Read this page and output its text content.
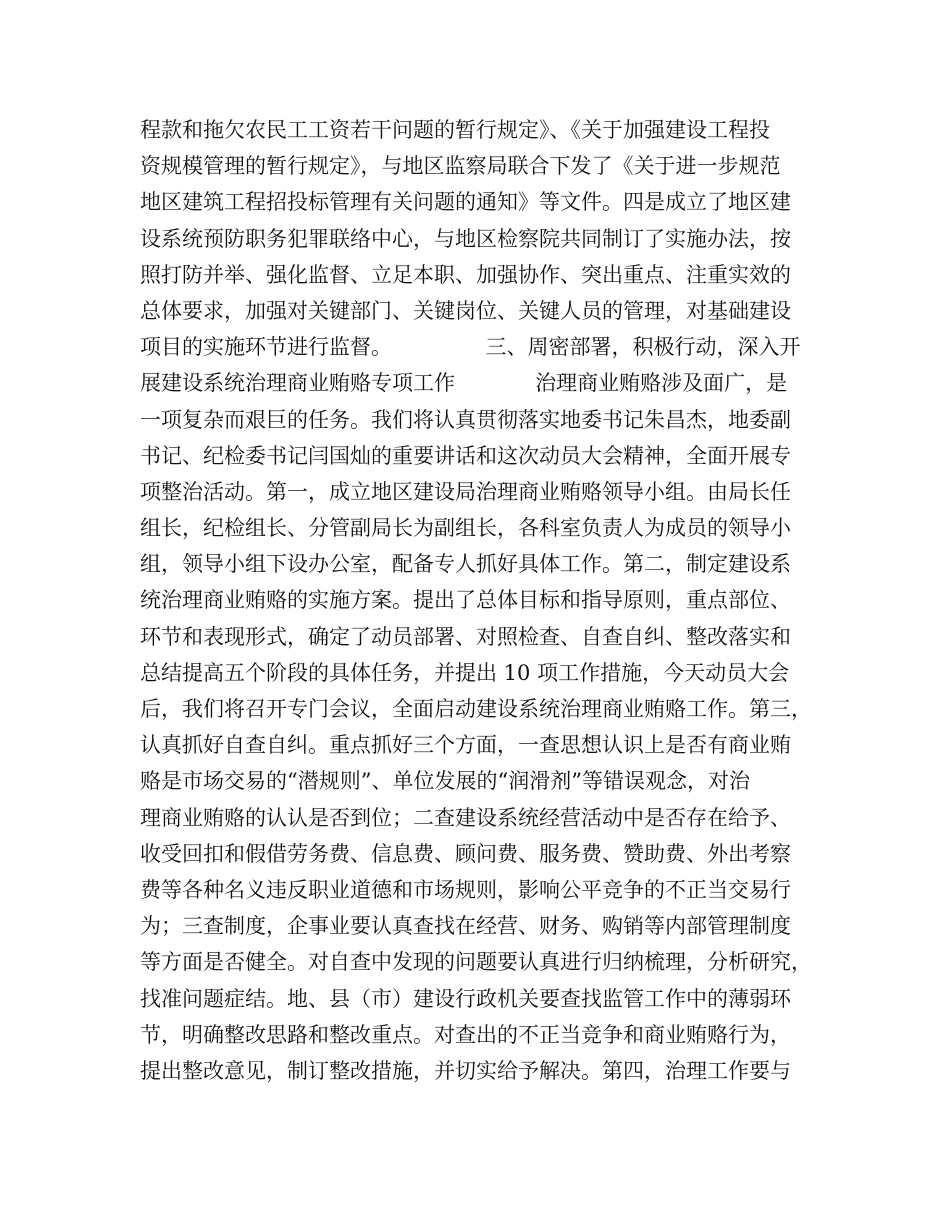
程款和拖欠农民工工资若干问题的暂行规定》、《关于加强建设工程投
资规模管理的暂行规定》，与地区监察局联合下发了《关于进一步规范
地区建筑工程招投标管理有关问题的通知》等文件。四是成立了地区建
设系统预防职务犯罪联络中心，与地区检察院共同制订了实施办法，按
照打防并举、强化监督、立足本职、加强协作、突出重点、注重实效的
总体要求，加强对关键部门、关键岗位、关键人员的管理，对基础建设
项目的实施环节进行监督。              三、周密部署，积极行动，深入开
展建设系统治理商业贿赂专项工作            治理商业贿赂涉及面广，是
一项复杂而艰巨的任务。我们将认真贯彻落实地委书记朱昌杰，地委副
书记、纪检委书记闫国灿的重要讲话和这次动员大会精神，全面开展专
项整治活动。第一，成立地区建设局治理商业贿赂领导小组。由局长任
组长，纪检组长、分管副局长为副组长，各科室负责人为成员的领导小
组，领导小组下设办公室，配备专人抓好具体工作。第二，制定建设系
统治理商业贿赂的实施方案。提出了总体目标和指导原则，重点部位、
环节和表现形式，确定了动员部署、对照检查、自查自纠、整改落实和
总结提高五个阶段的具体任务，并提出 10 项工作措施，今天动员大会
后，我们将召开专门会议，全面启动建设系统治理商业贿赂工作。第三，
认真抓好自查自纠。重点抓好三个方面，一查思想认识上是否有商业贿
赂是市场交易的“潜规则”、单位发展的“润滑剂”等错误观念，对治
理商业贿赂的认认是否到位；二查建设系统经营活动中是否存在给予、
收受回扣和假借劳务费、信息费、顾问费、服务费、赞助费、外出考察
费等各种名义违反职业道德和市场规则，影响公平竞争的不正当交易行
为；三查制度，企事业要认真查找在经营、财务、购销等内部管理制度
等方面是否健全。对自查中发现的问题要认真进行归纳梳理，分析研究，
找准问题症结。地、县（市）建设行政机关要查找监管工作中的薄弱环
节，明确整改思路和整改重点。对查出的不正当竞争和商业贿赂行为，
提出整改意见，制订整改措施，并切实给予解决。第四，治理工作要与
